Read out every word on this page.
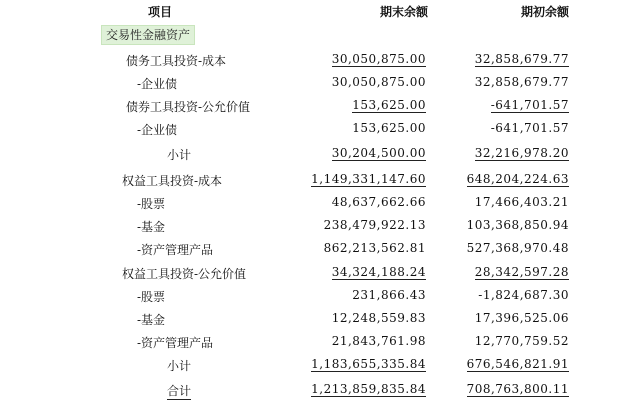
项目	期末余额	期初余额
交易性金融资产
债务工具投资-成本	30,050,875.00	32,858,679.77
-企业债	30,050,875.00	32,858,679.77
债券工具投资-公允价值	153,625.00	-641,701.57
-企业债	153,625.00	-641,701.57
小计	30,204,500.00	32,216,978.20
权益工具投资-成本	1,149,331,147.60	648,204,224.63
-股票	48,637,662.66	17,466,403.21
-基金	238,479,922.13	103,368,850.94
-资产管理产品	862,213,562.81	527,368,970.48
权益工具投资-公允价值	34,324,188.24	28,342,597.28
-股票	231,866.43	-1,824,687.30
-基金	12,248,559.83	17,396,525.06
-资产管理产品	21,843,761.98	12,770,759.52
小计	1,183,655,335.84	676,546,821.91
合计	1,213,859,835.84	708,763,800.11
